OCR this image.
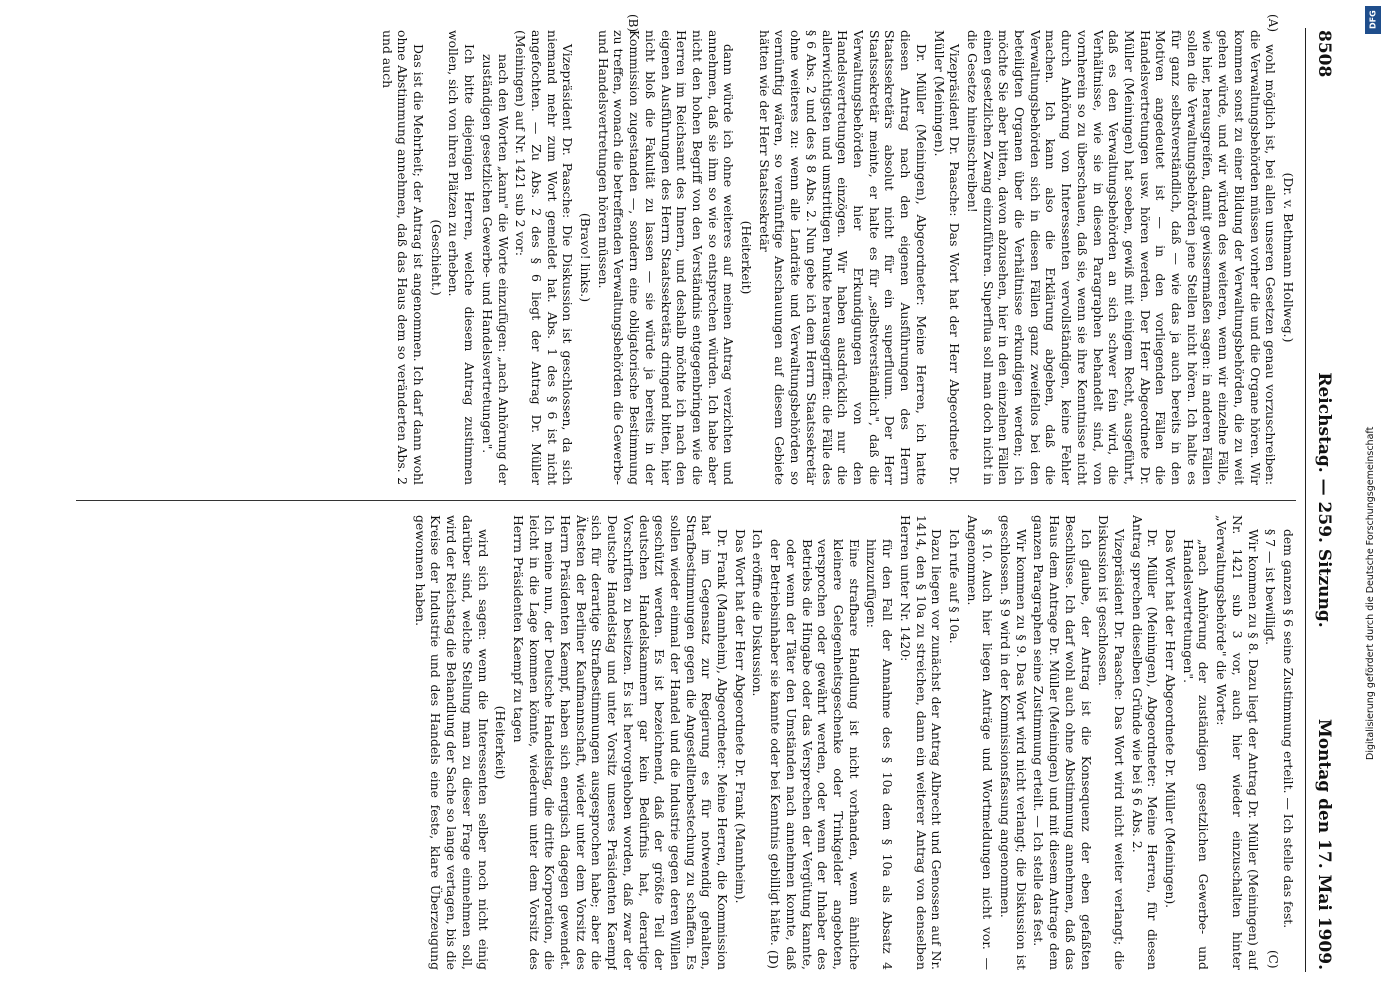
8508
Reichstag. — 259. Sitzung.
Montag den 17. Mai 1909.

(Dr. v. Bethmann Hollweg.)

wohl möglich ist, bei allen unseren Gesetzen genau vorzuschreiben: die Verwaltungsbehörden müssen vorher die und die Organe hören. Wir kommen sonst zu einer Bildung der Verwaltungsbehörden, die zu weit gehen würde, und wir würden des weiteren, wenn wir einzelne Fälle, wie hier, herausgreifen, damit gewissermaßen sagen: in anderen Fällen sollen die Verwaltungsbehörden jene Stellen nicht hören. Ich halte es für ganz selbstverständlich, daß — wie das ja auch bereits in den Motiven angedeutet ist — in den vorliegenden Fällen die Handelsvertretungen usw. hören werden. Der Herr Abgeordnete Dr. Müller (Meiningen) hat soeben, gewiß mit einigem Recht, ausgeführt, daß es den Verwaltungsbehörden an sich schwer fein wird, die Verhältnisse, wie sie in diesen Paragraphen behandelt sind, von vornherein so zu überschauen, daß sie, wenn sie ihre Kenntnisse nicht durch Anhörung von Interessenten vervollständigen, keine Fehler machen. Ich kann also die Erklärung abgeben, daß die Verwaltungsbehörden sich in diesen Fällen ganz zweifellos bei den beteiligten Organen über die Verhältnisse erkundigen werden; ich möchte Sie aber bitten, davon abzusehen, hier in den einzelnen Fällen einen gesetzlichen Zwang einzuführen. Superflua soll man doch nicht in die Gesetze hineinschreiben!

Vizepräsident Dr. Paasche: Das Wort hat der Herr Abgeordnete Dr. Müller (Meiningen).

Dr. Müller (Meiningen), Abgeordneter: Meine Herren, ich hatte diesen Antrag nach den eigenen Ausführungen des Herrn Staatssekretärs absolut nicht für ein superfluum. Der Herr Staatssekretär meinte, er halte es für „selbstverständlich", daß die Verwaltungsbehörden hier Erkundigungen von den Handelsvertretungen einzögen. Wir haben ausdrücklich nur die allerwichtigsten und umstrittigen Punkte herausgegriffen: die Fälle des § 6 Abs. 2 und des § 8 Abs. 2. Nun gebe ich dem Herrn Staatssekretär ohne weiteres zu: wenn alle Landräte und Verwaltungsbehörden so vernünftig wären, so vernünftige Anschauungen auf diesem Gebiete hätten wie der Herr Staatssekretär

(Heiterkeit)

dann würde ich ohne weiteres auf meinen Antrag verzichten und annehmen, daß sie ihm so wie so entsprechen würden. Ich habe aber nicht den hohen Begriff von den Verständnis entgegenbringen wie die Herren im Reichsamt des Innern, und deshalb möchte ich nach den eigenen Ausführungen des Herrn Staatssekretärs dringend bitten, hier nicht bloß die Fakultät zu lassen — sie würde ja bereits in der Kommission zugestanden —, sondern eine obligatorische Bestimmung zu treffen, wonach die betreffenden Verwaltungsbehörden die Gewerbe- und Handelsvertretungen hören müssen.

(Bravo! links.)

Vizepräsident Dr. Paasche: Die Diskussion ist geschlossen, da sich niemand mehr zum Wort gemeldet hat. Abs. 1 des § 6 ist nicht angefochten. — Zu Abs. 2 des § 6 liegt der Antrag Dr. Müller (Meiningen) auf Nr. 1421 sub 2 vor:

nach den Worten „kann" die Worte einzufügen: „nach Anhörung der zuständigen gesetzlichen Gewerbe- und Handelsvertretungen".

Ich bitte diejenigen Herren, welche diesem Antrag zustimmen wollen, sich von ihren Plätzen zu erheben.

(Geschieht.)

Das ist die Mehrheit; der Antrag ist angenommen. Ich darf dann wohl ohne Abstimmung annehmen, daß das Haus dem so veränderten Abs. 2 und auch

dem ganzen § 6 seine Zustimmung erteilt. — Ich stelle das fest.

§ 7 — ist bewilligt.

Wir kommen zu § 8. Dazu liegt der Antrag Dr. Müller (Meiningen) auf Nr. 1421 sub 3 vor, auch hier wieder einzuschalten hinter „Verwaltungsbehörde" die Worte:

„nach Anhörung der zuständigen gesetzlichen Gewerbe- und Handelsvertretungen".

Das Wort hat der Herr Abgeordnete Dr. Müller (Meiningen).

Dr. Müller (Meiningen), Abgeordneter: Meine Herren, für diesen Antrag sprechen dieselben Gründe wie bei § 6 Abs. 2.

Vizepräsident Dr. Paasche: Das Wort wird nicht weiter verlangt; die Diskussion ist geschlossen.

Ich glaube, der Antrag ist die Konsequenz der eben gefaßten Beschlüsse. Ich darf wohl auch ohne Abstimmung annehmen, daß das Haus dem Antrage Dr. Müller (Meiningen) und mit diesem Antrage dem ganzen Paragraphen seine Zustimmung erteilt. — Ich stelle das fest.

Wir kommen zu § 9. Das Wort wird nicht verlangt; die Diskussion ist geschlossen. § 9 wird in der Kommissionsfassung angenommen.

§ 10. Auch hier liegen Anträge und Wortmeldungen nicht vor. — Angenommen.

Ich rufe auf § 10a.

Dazu liegen vor zunächst der Antrag Albrecht und Genossen auf Nr. 1414, den § 10a zu streichen, dann ein weiterer Antrag von denselben Herren unter Nr. 1420:

für den Fall der Annahme des § 10a dem § 10a als Absatz 4 hinzuzufügen:

Eine strafbare Handlung ist nicht vorhanden, wenn ähnliche kleinere Gelegenheitsgeschenke oder Trinkgelder angeboten, versprochen oder gewährt werden, oder wenn der Inhaber des Betriebs die Hingabe oder das Versprechen der Vergütung kannte, oder wenn der Täter den Umständen nach annehmen konnte, daß der Betriebsinhaber sie kannte oder bei Kenntnis gebilligt hätte.

Ich eröffne die Diskussion.

Das Wort hat der Herr Abgeordnete Dr. Frank (Mannheim).

Dr. Frank (Mannheim), Abgeordneter: Meine Herren, die Kommission hat im Gegensatz zur Regierung es für notwendig gehalten, Strafbestimmungen gegen die Angestelltenbestechung zu schaffen. Es sollen wieder einmal der Handel und die Industrie gegen deren Willen geschützt werden. Es ist bezeichnend, daß der größte Teil der deutschen Handelskammern gar kein Bedürfnis hat, derartige Vorschriften zu besitzen. Es ist hervorgehoben worden, daß zwar der Deutsche Handelstag und unter Vorsitz unseres Präsidenten Kaempf sich für derartige Strafbestimmungen ausgesprochen habe; aber die Ältesten der Berliner Kaufmannschaft, wieder unter dem Vorsitz des Herrn Präsidenten Kaempf, haben sich energisch dagegen gewendet. Ich meine nun, der Deutsche Handelstag, die dritte Korporation, die leicht in die Lage kommen könnte, wiederum unter dem Vorsitz des Herrn Präsidenten Kaempf zu tagen

(Heiterkeit)

wird sich sagen: wenn die Interessenten selber noch nicht einig darüber sind, welche Stellung man zu dieser Frage einnehmen soll, wird der Reichstag die Behandlung der Sache so lange vertagen, bis die Kreise der Industrie und des Handels eine feste, klare Überzeugung gewonnen haben.

(A)
(B)
(C)
(D)
DFG
Digitalisierung gefördert durch die Deutsche Forschungsgemeinschaft
